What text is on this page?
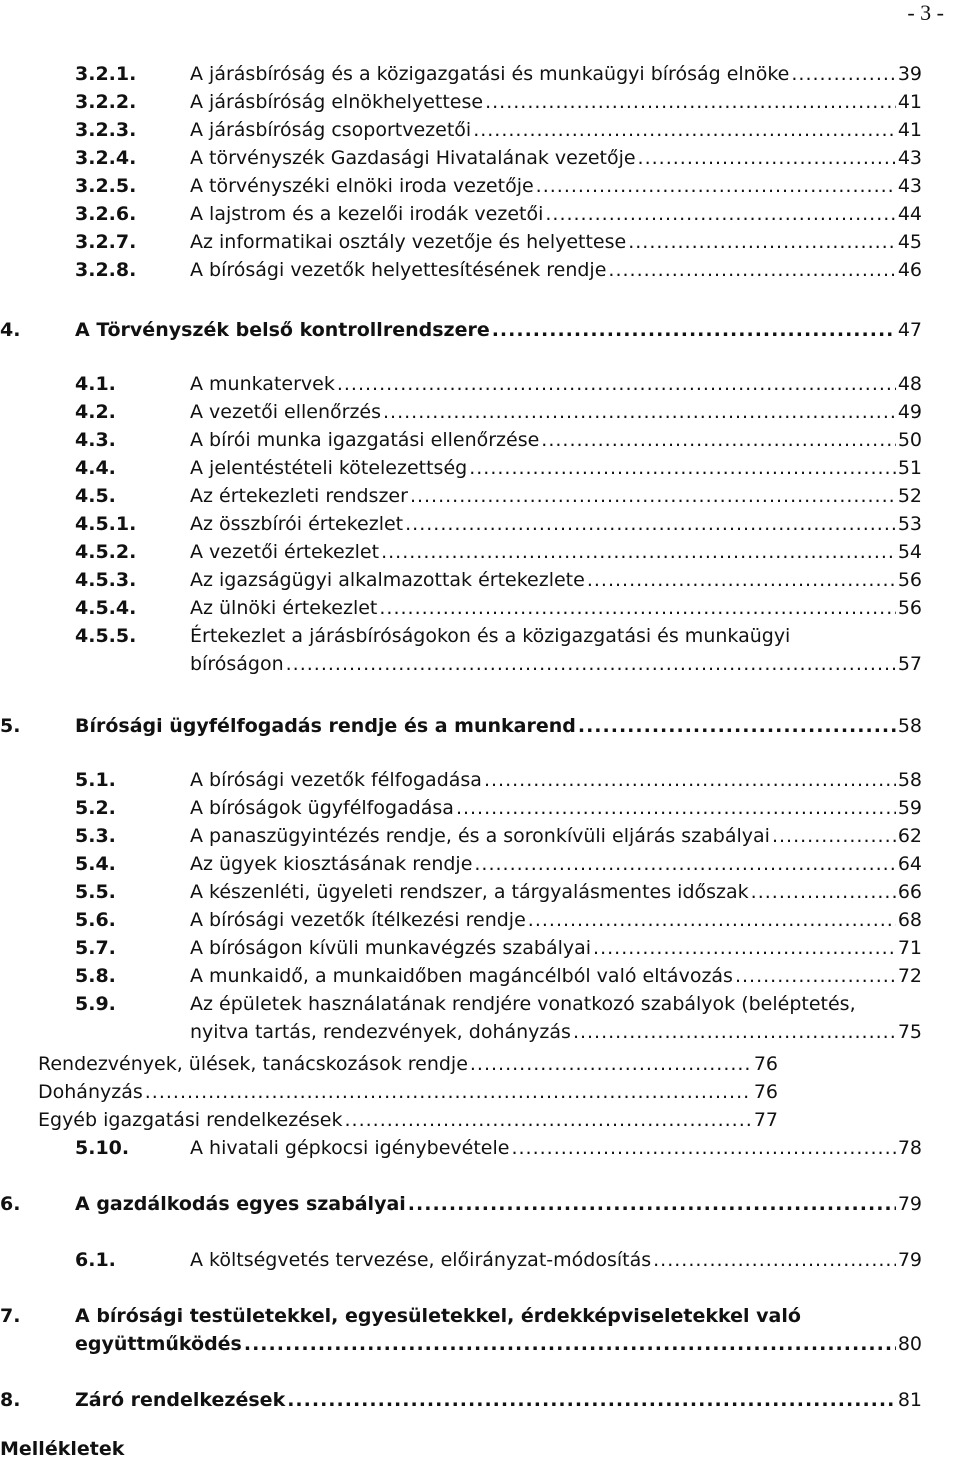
- 3 -
3.2.1.	A járásbíróság és a közigazgatási és munkaügyi bíróság elnöke .....	39
3.2.2.	A járásbíróság elnökhelyettese .....	41
3.2.3.	A járásbíróság csoportvezetői .....	41
3.2.4.	A törvényszék Gazdasági Hivatalának vezetője .....	43
3.2.5.	A törvényszéki elnöki iroda vezetője .....	43
3.2.6.	A lajstrom és a kezelői irodák vezetői .....	44
3.2.7.	Az informatikai osztály vezetője és helyettese .....	45
3.2.8.	A bírósági vezetők helyettesítésének rendje .....	46
4.	A Törvényszék belső kontrollrendszere .....	47
4.1.	A munkatervek .....	48
4.2.	A vezetői ellenőrzés .....	49
4.3.	A bírói munka igazgatási ellenőrzése .....	50
4.4.	A jelentéstételi kötelezettség .....	51
4.5.	Az értekezleti rendszer .....	52
4.5.1.	Az összbírói értekezlet .....	53
4.5.2.	A vezetői értekezlet .....	54
4.5.3.	Az igazságügyi alkalmazottak értekezlete .....	56
4.5.4.	Az ülnöki értekezlet .....	56
4.5.5.	Értekezlet a járásbíróságokon és a közigazgatási és munkaügyi
bíróságon .....	57
5.	Bírósági ügyfélfogadás rendje és a munkarend .....	58
5.1.	A bírósági vezetők félfogadása .....	58
5.2.	A bíróságok ügyfélfogadása .....	59
5.3.	A panaszügyintézés rendje, és a soronkívüli eljárás szabályai .....	62
5.4.	Az ügyek kiosztásának rendje .....	64
5.5.	A készenléti, ügyeleti rendszer, a tárgyalásmentes időszak .....	66
5.6.	A bírósági vezetők ítélkezési rendje .....	68
5.7.	A bíróságon kívüli munkavégzés szabályai .....	71
5.8.	A munkaidő, a munkaidőben magáncélból való eltávozás .....	72
5.9.	Az épületek használatának rendjére vonatkozó szabályok (beléptetés,
nyitva tartás, rendezvények, dohányzás .....	75
Rendezvények, ülések, tanácskozások rendje .....	76
Dohányzás .....	76
Egyéb igazgatási rendelkezések .....	77
5.10.	A hivatali gépkocsi igénybevétele .....	78
6.	A gazdálkodás egyes szabályai .....	79
6.1.	A költségvetés tervezése, előirányzat-módosítás .....	79
7.	A bírósági testületekkel, egyesületekkel, érdekképviseletekkel való
együttműködés .....	80
8.	Záró rendelkezések .....	81
Mellékletek
